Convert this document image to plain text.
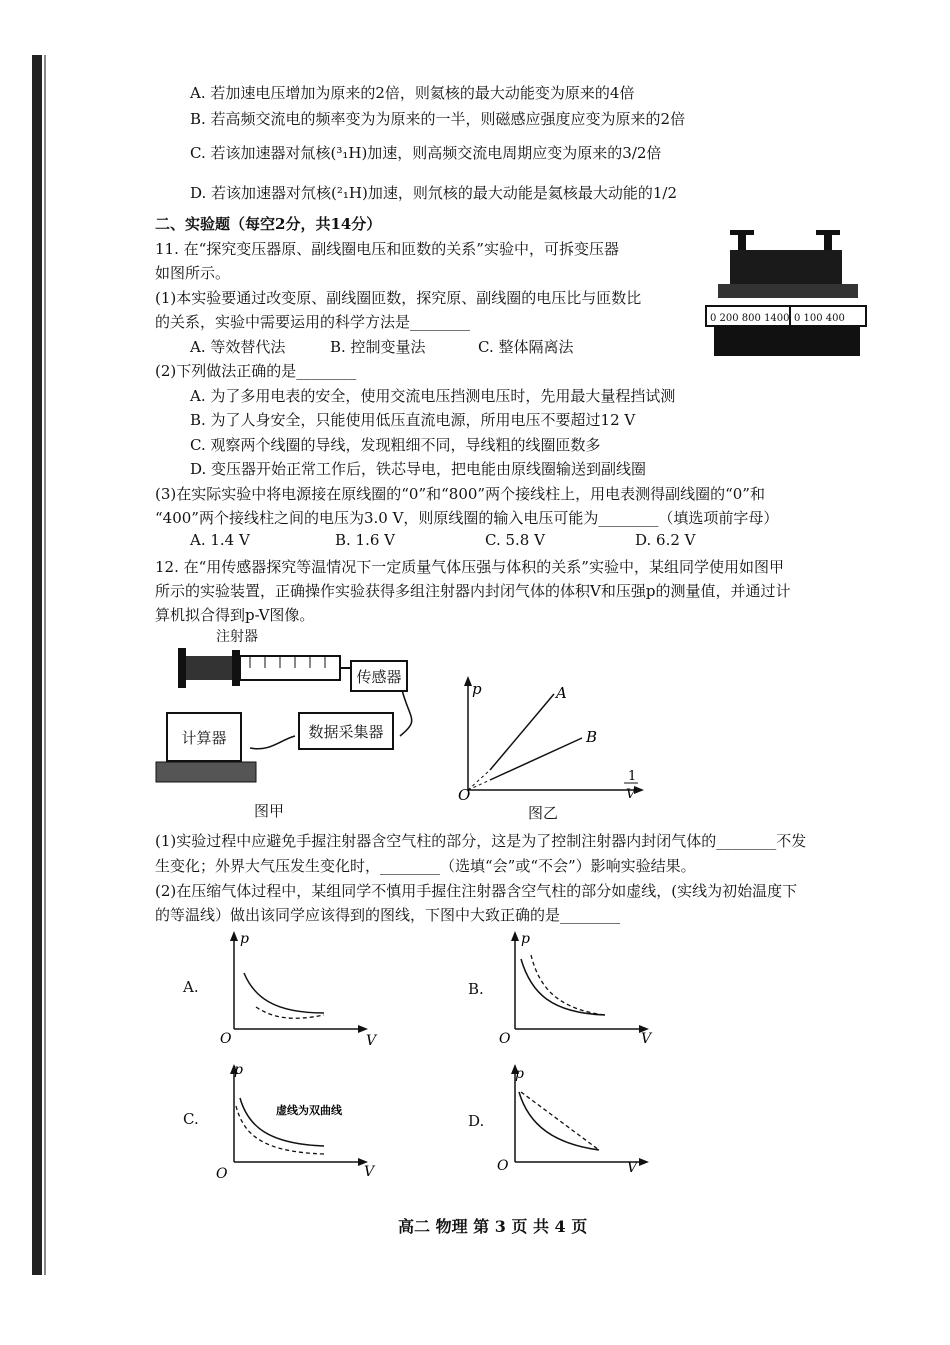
A. 若加速电压增加为原来的2倍，则氦核的最大动能变为原来的4倍
B. 若高频交流电的频率变为为原来的一半，则磁感应强度应变为原来的2倍
C. 若该加速器对氚核(³₁H)加速，则高频交流电周期应变为原来的3/2倍
D. 若该加速器对氘核(²₁H)加速，则氘核的最大动能是氦核最大动能的1/2
二、实验题（每空2分，共14分）
11. 在“探究变压器原、副线圈电压和匝数的关系”实验中，可拆变压器
如图所示。
(1)本实验要通过改变原、副线圈匝数，探究原、副线圈的电压比与匝数比
的关系，实验中需要运用的科学方法是________
A. 等效替代法	B. 控制变量法	C. 整体隔离法
(2)下列做法正确的是________
A. 为了多用电表的安全，使用交流电压挡测电压时，先用最大量程挡试测
B. 为了人身安全，只能使用低压直流电源，所用电压不要超过12 V
C. 观察两个线圈的导线，发现粗细不同，导线粗的线圈匝数多
D. 变压器开始正常工作后，铁芯导电，把电能由原线圈输送到副线圈
(3)在实际实验中将电源接在原线圈的“0”和“800”两个接线柱上，用电表测得副线圈的“0”和
“400”两个接线柱之间的电压为3.0 V，则原线圈的输入电压可能为________（填选项前字母）
A. 1.4 V	B. 1.6 V	C. 5.8 V	D. 6.2 V
0 200 800 1400 0 100 400
12. 在“用传感器探究等温情况下一定质量气体压强与体积的关系”实验中，某组同学使用如图甲
所示的实验装置，正确操作实验获得多组注射器内封闭气体的体积V和压强p的测量值，并通过计
算机拟合得到p-V图像。
注射器
传感器
计算器	数据采集器
图甲
p	A
B
O
1
V
图乙
(1)实验过程中应避免手握注射器含空气柱的部分，这是为了控制注射器内封闭气体的________不发
生变化；外界大气压发生变化时，________（选填“会”或“不会”）影响实验结果。
(2)在压缩气体过程中，某组同学不慎用手握住注射器含空气柱的部分如虚线，(实线为初始温度下
的等温线）做出该同学应该得到的图线，下图中大致正确的是________
A.
p
O	V
B.
p
O	V
C.
p
O	V
虚线为双曲线
D.
p
O	V
高二 物理 第 3 页 共 4 页
